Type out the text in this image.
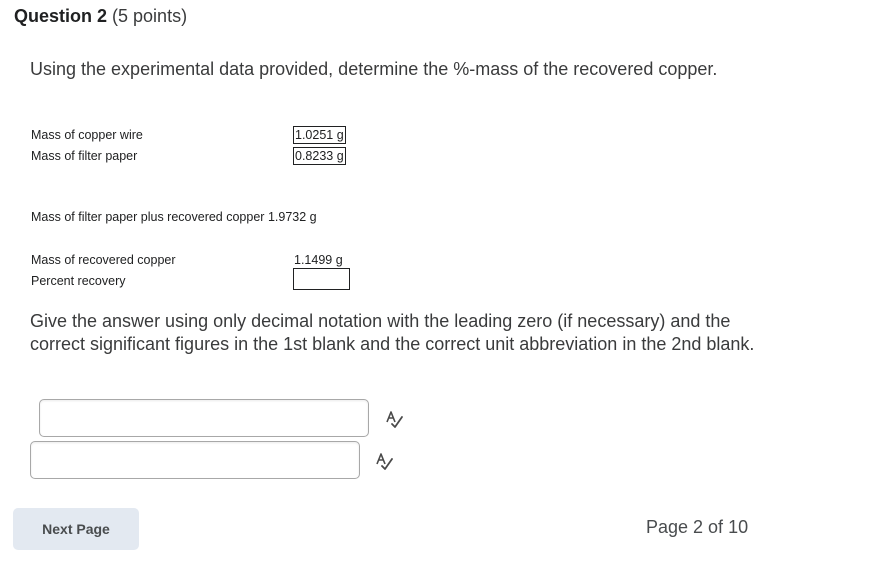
Question 2 (5 points)
Using the experimental data provided, determine the %-mass of the recovered copper.
Mass of copper wire	1.0251 g
Mass of filter paper	0.8233 g
Mass of filter paper plus recovered copper 1.9732 g
Mass of recovered copper	1.1499 g
Percent recovery
Give the answer using only decimal notation with the leading zero (if necessary) and the correct significant figures in the 1st blank and the correct unit abbreviation in the 2nd blank.
Next Page	Page 2 of 10
